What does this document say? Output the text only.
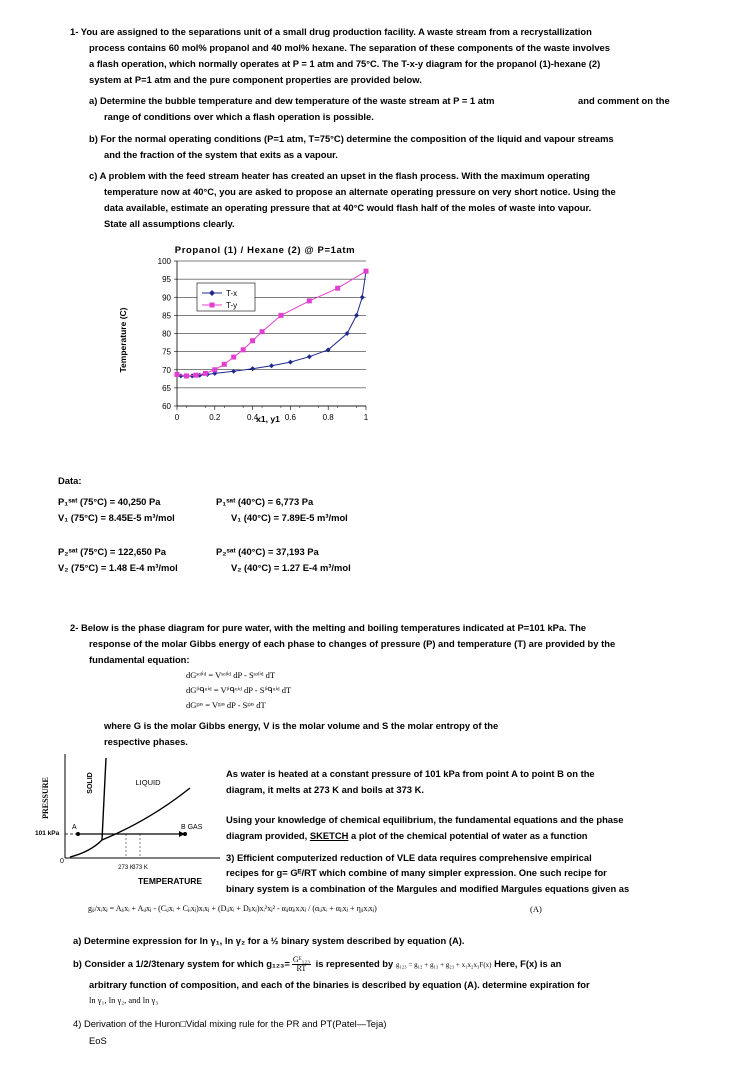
1- You are assigned to the separations unit of a small drug production facility. A waste stream from a recrystallization
process contains 60 mol% propanol and 40 mol% hexane. The separation of these components of the waste involves
a flash operation, which normally operates at P = 1 atm and 75°C. The T-x-y diagram for the propanol (1)-hexane (2)
system at P=1 atm and the pure component properties are provided below.
a) Determine the bubble temperature and dew temperature of the waste stream at P = 1 atm	and comment on the
range of conditions over which a flash operation is possible.
b) For the normal operating conditions (P=1 atm, T=75°C) determine the composition of the liquid and vapour streams
and the fraction of the system that exits as a vapour.
c) A problem with the feed stream heater has created an upset in the flash process. With the maximum operating
temperature now at 40°C, you are asked to propose an alternate operating pressure on very short notice. Using the
data available, estimate an operating pressure that at 40°C would flash half of the moles of waste into vapour.
State all assumptions clearly.
Propanol (1) / Hexane (2) @ P=1atm
Temperature (C)
x1, y1
60
65
70
75
80
85
90
95
100
0	0.2	0.4	0.6	0.8	1
T-x
T-y
Data:
P₁ˢᵃᵗ (75°C) = 40,250 Pa
V₁ (75°C) = 8.45E-5 m³/mol
P₁ˢᵃᵗ (40°C) = 6,773 Pa
V₁ (40°C) = 7.89E-5 m³/mol
P₂ˢᵃᵗ (75°C) = 122,650 Pa
V₂ (75°C) = 1.48 E-4 m³/mol
P₂ˢᵃᵗ (40°C) = 37,193 Pa
V₂ (40°C) = 1.27 E-4 m³/mol
2- Below is the phase diagram for pure water, with the melting and boiling temperatures indicated at P=101 kPa. The
response of the molar Gibbs energy of each phase to changes of pressure (P) and temperature (T) are provided by the
fundamental equation:
dGˢᵒˡⁱᵈ = Vˢᵒˡⁱᵈ dP - Sˢᵒˡⁱᵈ dT
dGˡⁱᑫᵘⁱᵈ = Vˡⁱᑫᵘⁱᵈ dP - Sˡⁱᑫᵘⁱᵈ dT
dGᵍᵃˢ = Vᵍᵃˢ dP - Sᵍᵃˢ dT
where G is the molar Gibbs energy, V is the molar volume and S the molar entropy of the
respective phases.
PRESSURE	SOLID	LIQUID
GAS
101 kPa
0
273 K
373 K
TEMPERATURE
A	B
As water is heated at a constant pressure of 101 kPa from point A to point B on the
diagram, it melts at 273 K and boils at 373 K.
Using your knowledge of chemical equilibrium, the fundamental equations and the phase
diagram provided, SKETCH a plot of the chemical potential of water as a function
3) Efficient computerized reduction of VLE data requires comprehensive empirical
recipes for g= Gᴱ/RT which combine of many simpler expression. One such recipe for
binary system is a combination of the Margules and modified Margules equations given as
gᵢⱼ/xᵢxⱼ = Aⱼᵢxᵢ + Aᵢⱼxⱼ - (Cᵢⱼxᵢ + Cⱼᵢxⱼ)xᵢxⱼ + (Dᵢⱼxᵢ + Dⱼᵢxⱼ)xᵢ²xⱼ² - αᵢⱼαⱼᵢxᵢxⱼ / (αᵢⱼxᵢ + αⱼᵢxⱼ + ηᵢⱼxᵢxⱼ)	(A)
a) Determine expression for ln γ₁, ln γ₂ for a ½ binary system described by equation (A).
b) Consider a 1/2/3tenary system for which $g_{123}= \frac{\text{Gᴱ₁₂₃}}{RT}$ is represented by g₁₂₃ = g₁₂ + g₁₃ + g₂₃ + x₁x₂x₃F(x) Here, F(x) is an
arbitrary function of composition, and each of the binaries is described by equation (A). determine expiration for
ln γ₁, ln γ₂, and ln γ₃
4) Derivation of the Huron□Vidal mixing rule for the PR and PT(Patel—Teja)
EoS
